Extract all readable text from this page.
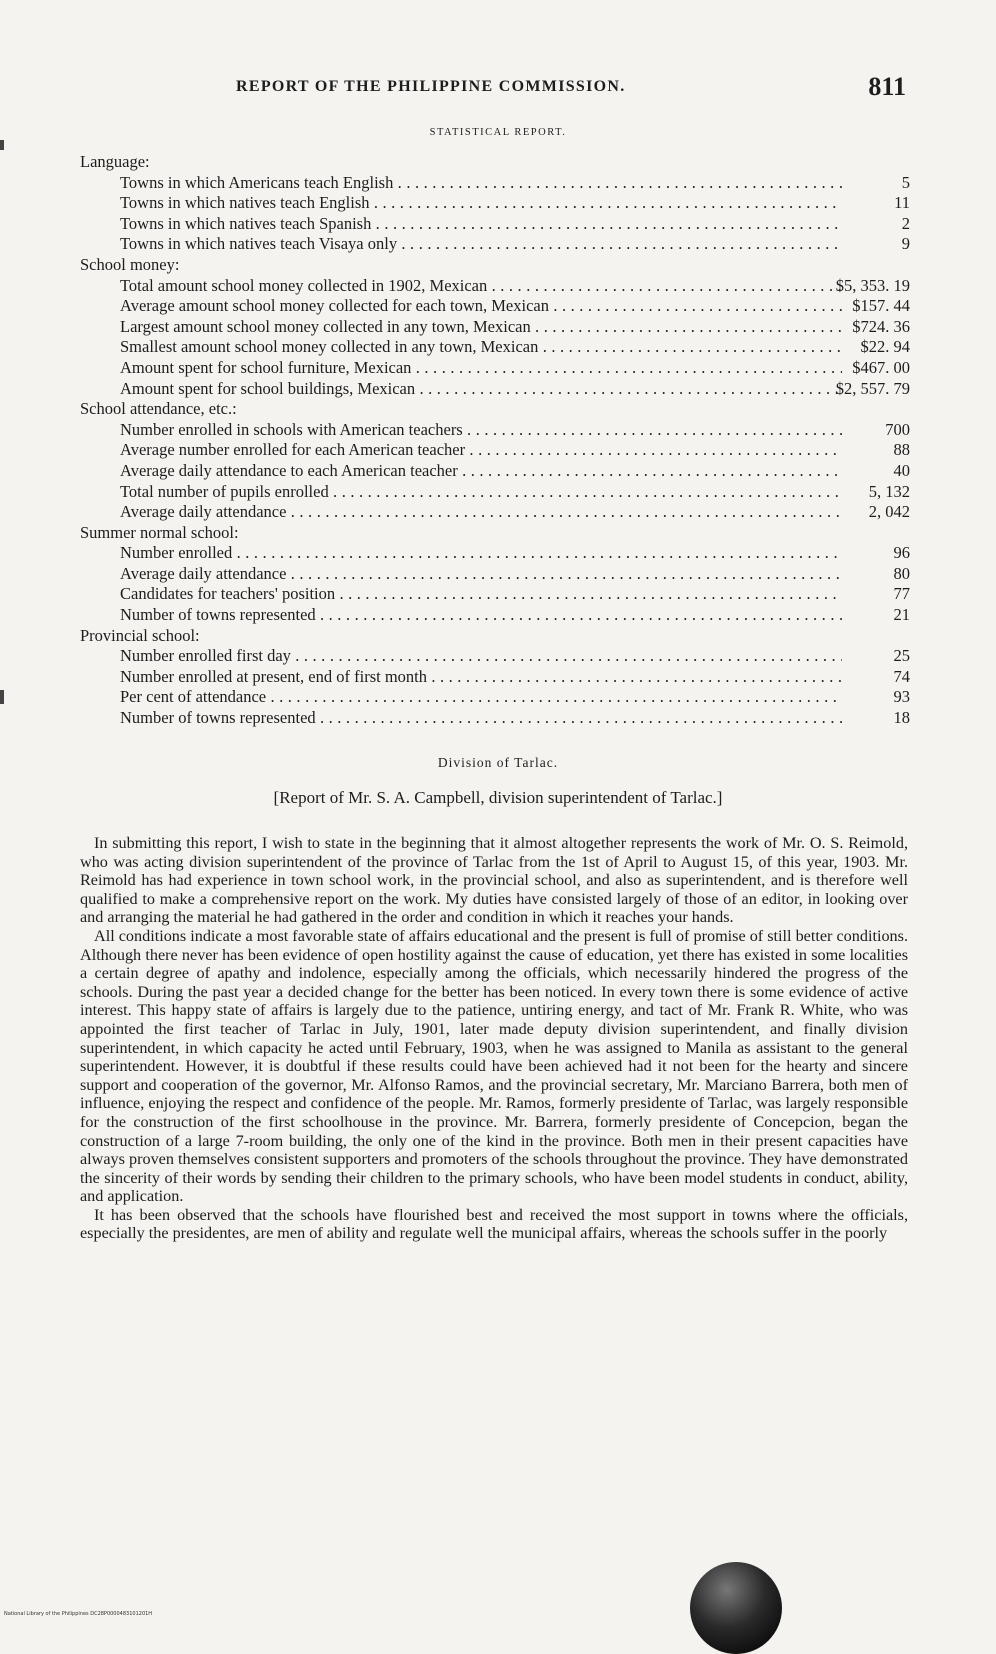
REPORT OF THE PHILIPPINE COMMISSION.	811
STATISTICAL REPORT.
Language:
Towns in which Americans teach English . . .	5
Towns in which natives teach English . . .	11
Towns in which natives teach Spanish . . .	2
Towns in which natives teach Visaya only . . .	9
School money:
Total amount school money collected in 1902, Mexican . . .	$5, 353. 19
Average amount school money collected for each town, Mexican . . .	$157. 44
Largest amount school money collected in any town, Mexican . . .	$724. 36
Smallest amount school money collected in any town, Mexican . . .	$22. 94
Amount spent for school furniture, Mexican . . .	$467. 00
Amount spent for school buildings, Mexican . . .	$2, 557. 79
School attendance, etc.:
Number enrolled in schools with American teachers . . .	700
Average number enrolled for each American teacher . . .	88
Average daily attendance to each American teacher . . .	40
Total number of pupils enrolled . . .	5, 132
Average daily attendance . . .	2, 042
Summer normal school:
Number enrolled . . .	96
Average daily attendance . . .	80
Candidates for teachers' position . . .	77
Number of towns represented . . .	21
Provincial school:
Number enrolled first day . . .	25
Number enrolled at present, end of first month . . .	74
Per cent of attendance . . .	93
Number of towns represented . . .	18
Division of Tarlac.
[Report of Mr. S. A. Campbell, division superintendent of Tarlac.]

In submitting this report, I wish to state in the beginning that it almost altogether represents the work of Mr. O. S. Reimold, who was acting division superintendent of the province of Tarlac from the 1st of April to August 15, of this year, 1903. Mr. Reimold has had experience in town school work, in the provincial school, and also as superintendent, and is therefore well qualified to make a comprehensive report on the work. My duties have consisted largely of those of an editor, in looking over and arranging the material he had gathered in the order and condition in which it reaches your hands.

All conditions indicate a most favorable state of affairs educational and the present is full of promise of still better conditions. Although there never has been evidence of open hostility against the cause of education, yet there has existed in some localities a certain degree of apathy and indolence, especially among the officials, which necessarily hindered the progress of the schools. During the past year a decided change for the better has been noticed. In every town there is some evidence of active interest. This happy state of affairs is largely due to the patience, untiring energy, and tact of Mr. Frank R. White, who was appointed the first teacher of Tarlac in July, 1901, later made deputy division superintendent, and finally division superintendent, in which capacity he acted until February, 1903, when he was assigned to Manila as assistant to the general superintendent. However, it is doubtful if these results could have been achieved had it not been for the hearty and sincere support and cooperation of the governor, Mr. Alfonso Ramos, and the provincial secretary, Mr. Marciano Barrera, both men of influence, enjoying the respect and confidence of the people. Mr. Ramos, formerly presidente of Tarlac, was largely responsible for the construction of the first schoolhouse in the province. Mr. Barrera, formerly presidente of Concepcion, began the construction of a large 7-room building, the only one of the kind in the province. Both men in their present capacities have always proven themselves consistent supporters and promoters of the schools throughout the province. They have demonstrated the sincerity of their words by sending their children to the primary schools, who have been model students in conduct, ability, and application.

It has been observed that the schools have flourished best and received the most support in towns where the officials, especially the presidentes, are men of ability and regulate well the municipal affairs, whereas the schools suffer in the poorly

National Library of the Philippines DC28P0000483101201H
